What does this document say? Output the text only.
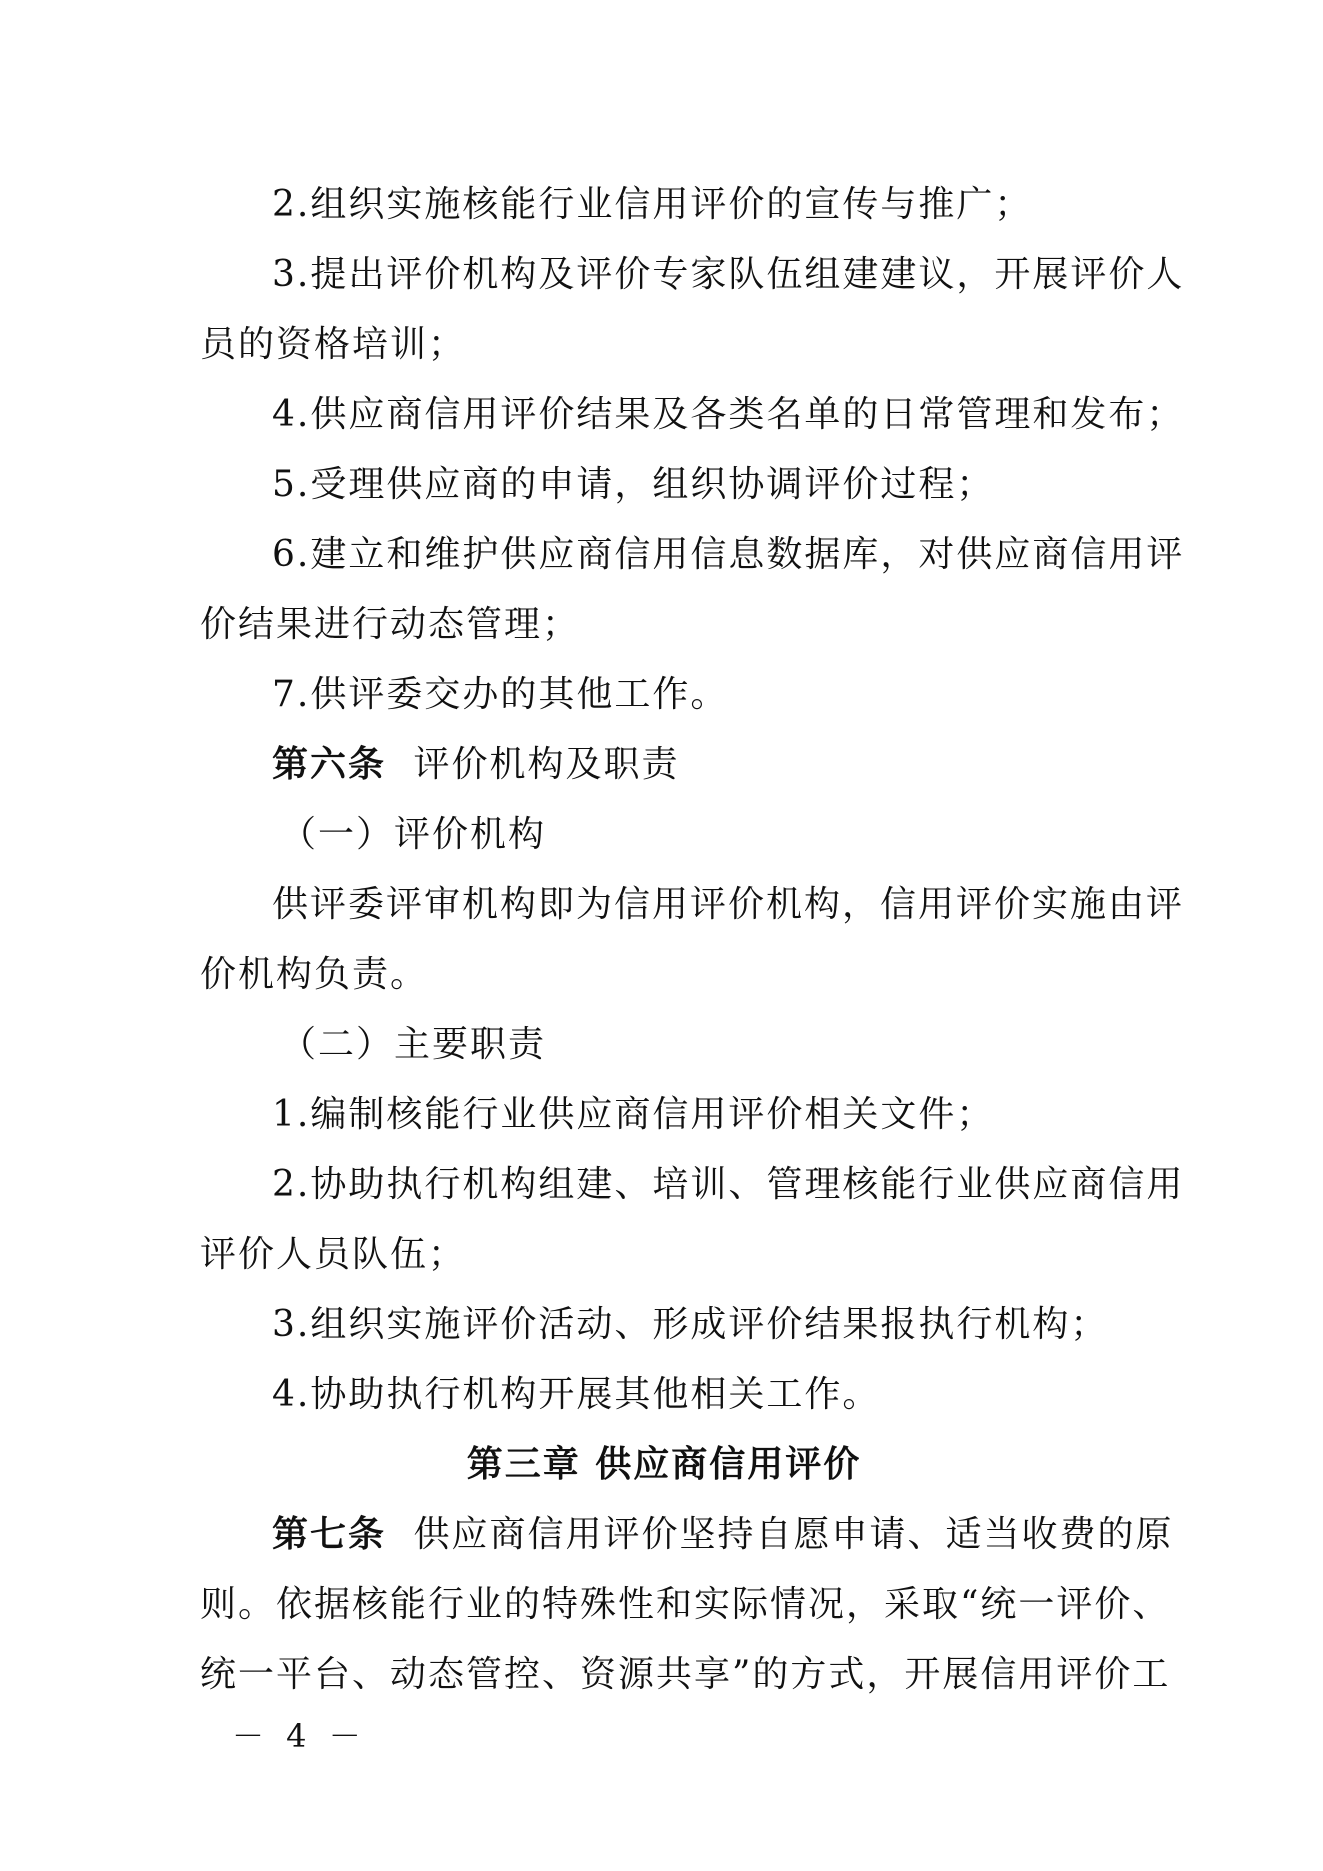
2.组织实施核能行业信用评价的宣传与推广；
3.提出评价机构及评价专家队伍组建建议，开展评价人
员的资格培训；
4.供应商信用评价结果及各类名单的日常管理和发布；
5.受理供应商的申请，组织协调评价过程；
6.建立和维护供应商信用信息数据库，对供应商信用评
价结果进行动态管理；
7.供评委交办的其他工作。
第六条 评价机构及职责
（一）评价机构
供评委评审机构即为信用评价机构，信用评价实施由评
价机构负责。
（二）主要职责
1.编制核能行业供应商信用评价相关文件；
2.协助执行机构组建、培训、管理核能行业供应商信用
评价人员队伍；
3.组织实施评价活动、形成评价结果报执行机构；
4.协助执行机构开展其他相关工作。
第三章 供应商信用评价
第七条 供应商信用评价坚持自愿申请、适当收费的原
则。依据核能行业的特殊性和实际情况，采取“统一评价、
统一平台、动态管控、资源共享”的方式，开展信用评价工
－ 4 －
